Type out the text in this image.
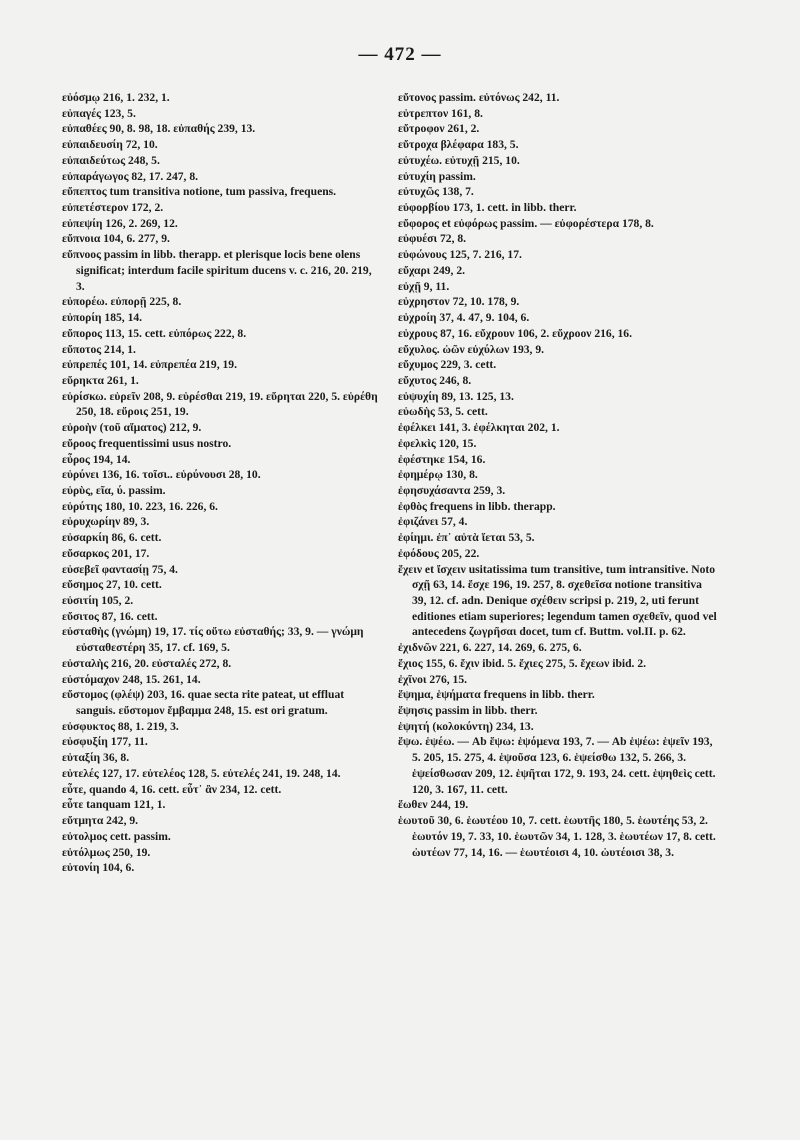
— 472 —
εὐόσμῳ 216, 1. 232, 1.
εὐπαγές 123, 5.
εὐπαθέες 90, 8. 98, 18. εὐπαθής 239, 13.
εὐπαιδευσίη 72, 10.
εὐπαιδεύτως 248, 5.
εὐπαράγωγος 82, 17. 247, 8.
εὔπεπτος tum transitiva notione, tum passiva, frequens.
εὐπετέστερον 172, 2.
εὐπεψίη 126, 2. 269, 12.
εὔπνοια 104, 6. 277, 9.
εὔπνοος passim in libb. therapp. et plerisque locis bene olens significat; interdum facile spiritum ducens v. c. 216, 20. 219, 3.
εὐπορέω. εὐπορῇ 225, 8.
εὐπορίη 185, 14.
εὔπορος 113, 15. cett. εὐπόρως 222, 8.
εὔποτος 214, 1.
εὐπρεπές 101, 14. εὐπρεπέα 219, 19.
εὕρηκτα 261, 1.
εὑρίσκω. εὑρεῖν 208, 9. εὑρέσθαι 219, 19. εὕρηται 220, 5. εὑρέθη 250, 18. εὕροις 251, 19.
εὐροὴν (τοῦ αἵματος) 212, 9.
εὔροος frequentissimi usus nostro.
εὖρος 194, 14.
εὐρύνει 136, 16. τοῖσι.. εὐρύνουσι 28, 10.
εὐρὺς, εῖα, ύ. passim.
εὐρύτης 180, 10. 223, 16. 226, 6.
εὐρυχωρίην 89, 3.
εὐσαρκίη 86, 6. cett.
εὔσαρκος 201, 17.
εὐσεβεῖ φαντασίῃ 75, 4.
εὔσημος 27, 10. cett.
εὐσιτίη 105, 2.
εὔσιτος 87, 16. cett.
εὐσταθὴς (γνώμη) 19, 17. τίς οὕτω εὐσταθής; 33, 9. — γνώμη εὐσταθεστέρη 35, 17. cf. 169, 5.
εὐσταλὴς 216, 20. εὐσταλές 272, 8.
εὐστόμαχον 248, 15. 261, 14.
εὔστομος (φλέψ) 203, 16. quae secta rite pateat, ut effluat sanguis. εὔστομον ἔμβαμμα 248, 15. est ori gratum.
εὐσφυκτος 88, 1. 219, 3.
εὐσφυξίη 177, 11.
εὐταξίη 36, 8.
εὐτελές 127, 17. εὐτελέος 128, 5. εὐτελές 241, 19. 248, 14.
εὖτε, quando 4, 16. cett. εὖτ᾽ ἂν 234, 12. cett.
εὖτε tanquam 121, 1.
εὔτμητα 242, 9.
εὐτολμος cett. passim.
εὐτόλμως 250, 19.
εὐτονίη 104, 6.
εὔτονος passim. εὐτόνως 242, 11.
εὐτρεπτον 161, 8.
εὔτροφον 261, 2.
εὔτροχα βλέφαρα 183, 5.
εὐτυχέω. εὐτυχῇ 215, 10.
εὐτυχίη passim.
εὐτυχῶς 138, 7.
εὐφορβίου 173, 1. cett. in libb. therr.
εὔφορος et εὐφόρως passim. — εὐφορέστερα 178, 8.
εὐφυέσι 72, 8.
εὐφώνους 125, 7. 216, 17.
εὔχαρι 249, 2.
εὐχῇ 9, 11.
εὐχρηστον 72, 10. 178, 9.
εὐχροίη 37, 4. 47, 9. 104, 6.
εὐχρους 87, 16. εὔχρουν 106, 2. εὔχροον 216, 16.
εὔχυλος. ὠῶν εὐχύλων 193, 9.
εὔχυμος 229, 3. cett.
εὔχυτος 246, 8.
εὐψυχίη 89, 13. 125, 13.
εὐωδὴς 53, 5. cett.
ἐφέλκει 141, 3. ἐφέλκηται 202, 1.
ἐφελκὶς 120, 15.
ἐφέστηκε 154, 16.
ἐφημέρῳ 130, 8.
ἐφησυχάσαντα 259, 3.
ἐφθὸς frequens in libb. therapp.
ἐφιζάνει 57, 4.
ἐφίημι. ἐπ᾽ αὐτὰ ἵεται 53, 5.
ἐφόδους 205, 22.
ἔχειν et ἴσχειν usitatissima tum transitive, tum intransitive. Noto σχῇ 63, 14. ἔσχε 196, 19. 257, 8. σχεθεῖσα notione transitiva 39, 12. cf. adn. Denique σχέθειν scripsi p. 219, 2, uti ferunt editiones etiam superiores; legendum tamen σχεθεῖν, quod vel antecedens ζωγρῆσαι docet, tum cf. Buttm. vol.II. p. 62.
ἐχιδνῶν 221, 6. 227, 14. 269, 6. 275, 6.
ἔχιος 155, 6. ἔχιν ibid. 5. ἔχιες 275, 5. ἔχεων ibid. 2.
ἐχῖνοι 276, 15.
ἕψημα, ἑψήματα frequens in libb. therr.
ἕψησις passim in libb. therr.
ἑψητή (κολοκύντη) 234, 13.
ἕψω. ἑψέω. — Ab ἕψω: ἑψόμενα 193, 7. — Ab ἑψέω: ἑψεῖν 193, 5. 205, 15. 275, 4. ἑψοῦσα 123, 6. ἑψείσθω 132, 5. 266, 3. ἑψείσθωσαν 209, 12. ἑψῆται 172, 9. 193, 24. cett. ἑψηθεὶς cett. 120, 3. 167, 11. cett.
ἕωθεν 244, 19.
ἑωυτοῦ 30, 6. ἑωυτέου 10, 7. cett. ἑωυτῆς 180, 5. ἑωυτέης 53, 2. ἑωυτόν 19, 7. 33, 10. ἑωυτῶν 34, 1. 128, 3. ἑωυτέων 17, 8. cett. ὡυτέων 77, 14, 16. — ἑωυτέοισι 4, 10. ὡυτέοισι 38, 3.
